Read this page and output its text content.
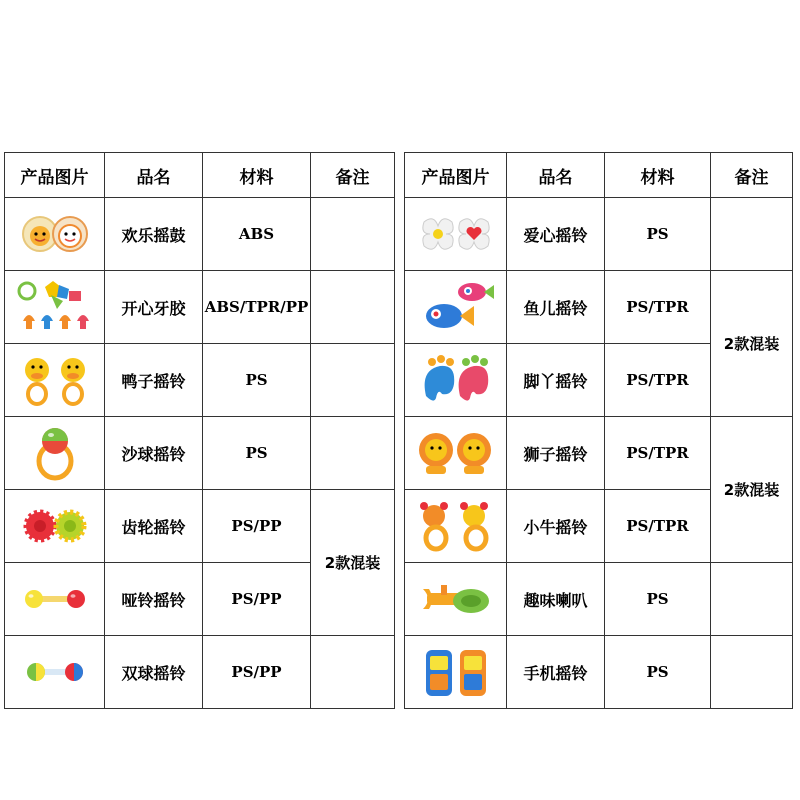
产品图片	品名	材料	备注

	欢乐摇鼓	ABS	

	开心牙胶	ABS/TPR/PP	

	鸭子摇铃	PS	

	沙球摇铃	PS	

	齿轮摇铃	PS/PP	2款混装

	哑铃摇铃	PS/PP	

	双球摇铃	PS/PP	
产品图片	品名	材料	备注

	爱心摇铃	PS	

	鱼儿摇铃	PS/TPR	2款混装

	脚丫摇铃	PS/TPR	

	狮子摇铃	PS/TPR	2款混装

	小牛摇铃	PS/TPR	

	趣味喇叭	PS	

	手机摇铃	PS	
